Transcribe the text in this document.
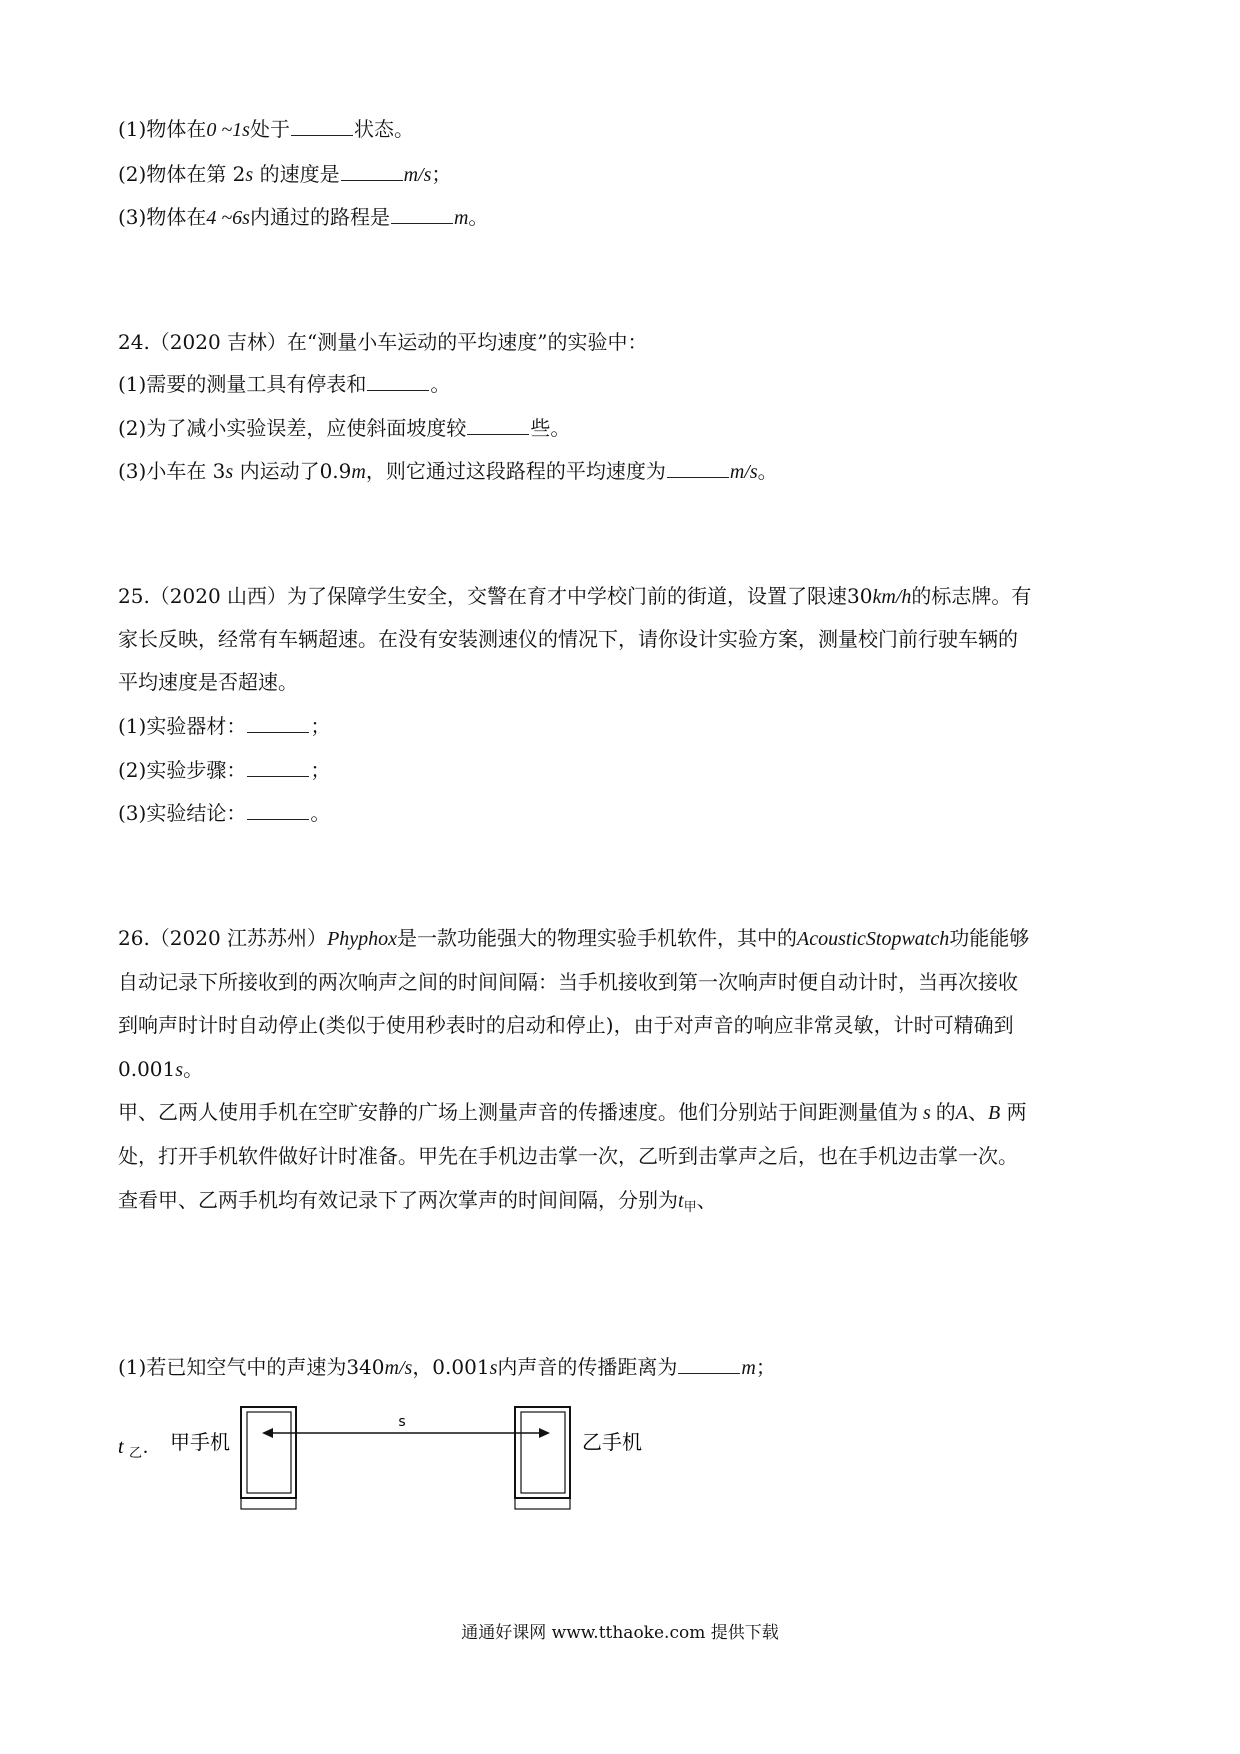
(1)物体在0 ~1s处于	状态。
(2)物体在第 2s 的速度是	m/s；
(3)物体在4 ~6s内通过的路程是	m。
24.（2020 吉林）在“测量小车运动的平均速度”的实验中：
(1)需要的测量工具有停表和	。
(2)为了减小实验误差，应使斜面坡度较	些。
(3)小车在 3s 内运动了0.9m，则它通过这段路程的平均速度为	m/s。
25.（2020 山西）为了保障学生安全，交警在育才中学校门前的街道，设置了限速30km/h的标志牌。有
家长反映，经常有车辆超速。在没有安装测速仪的情况下，请你设计实验方案，测量校门前行驶车辆的
平均速度是否超速。
(1)实验器材：	；
(2)实验步骤：	；
(3)实验结论：	。
26.（2020 江苏苏州）Phyphox是一款功能强大的物理实验手机软件，其中的AcousticStopwatch功能能够
自动记录下所接收到的两次响声之间的时间间隔：当手机接收到第一次响声时便自动计时，当再次接收
到响声时计时自动停止(类似于使用秒表时的启动和停止)，由于对声音的响应非常灵敏，计时可精确到
0.001s。
甲、乙两人使用手机在空旷安静的广场上测量声音的传播速度。他们分别站于间距测量值为 s 的A、B 两
处，打开手机软件做好计时准备。甲先在手机边击掌一次，乙听到击掌声之后，也在手机边击掌一次。
查看甲、乙两手机均有效记录下了两次掌声的时间间隔，分别为$t_甲$、
(1)若已知空气中的声速为340m/s，0.001s内声音的传播距离为	m；
t 乙 . 甲手机
s
乙手机
通通好课网 www.tthaoke.com 提供下载
